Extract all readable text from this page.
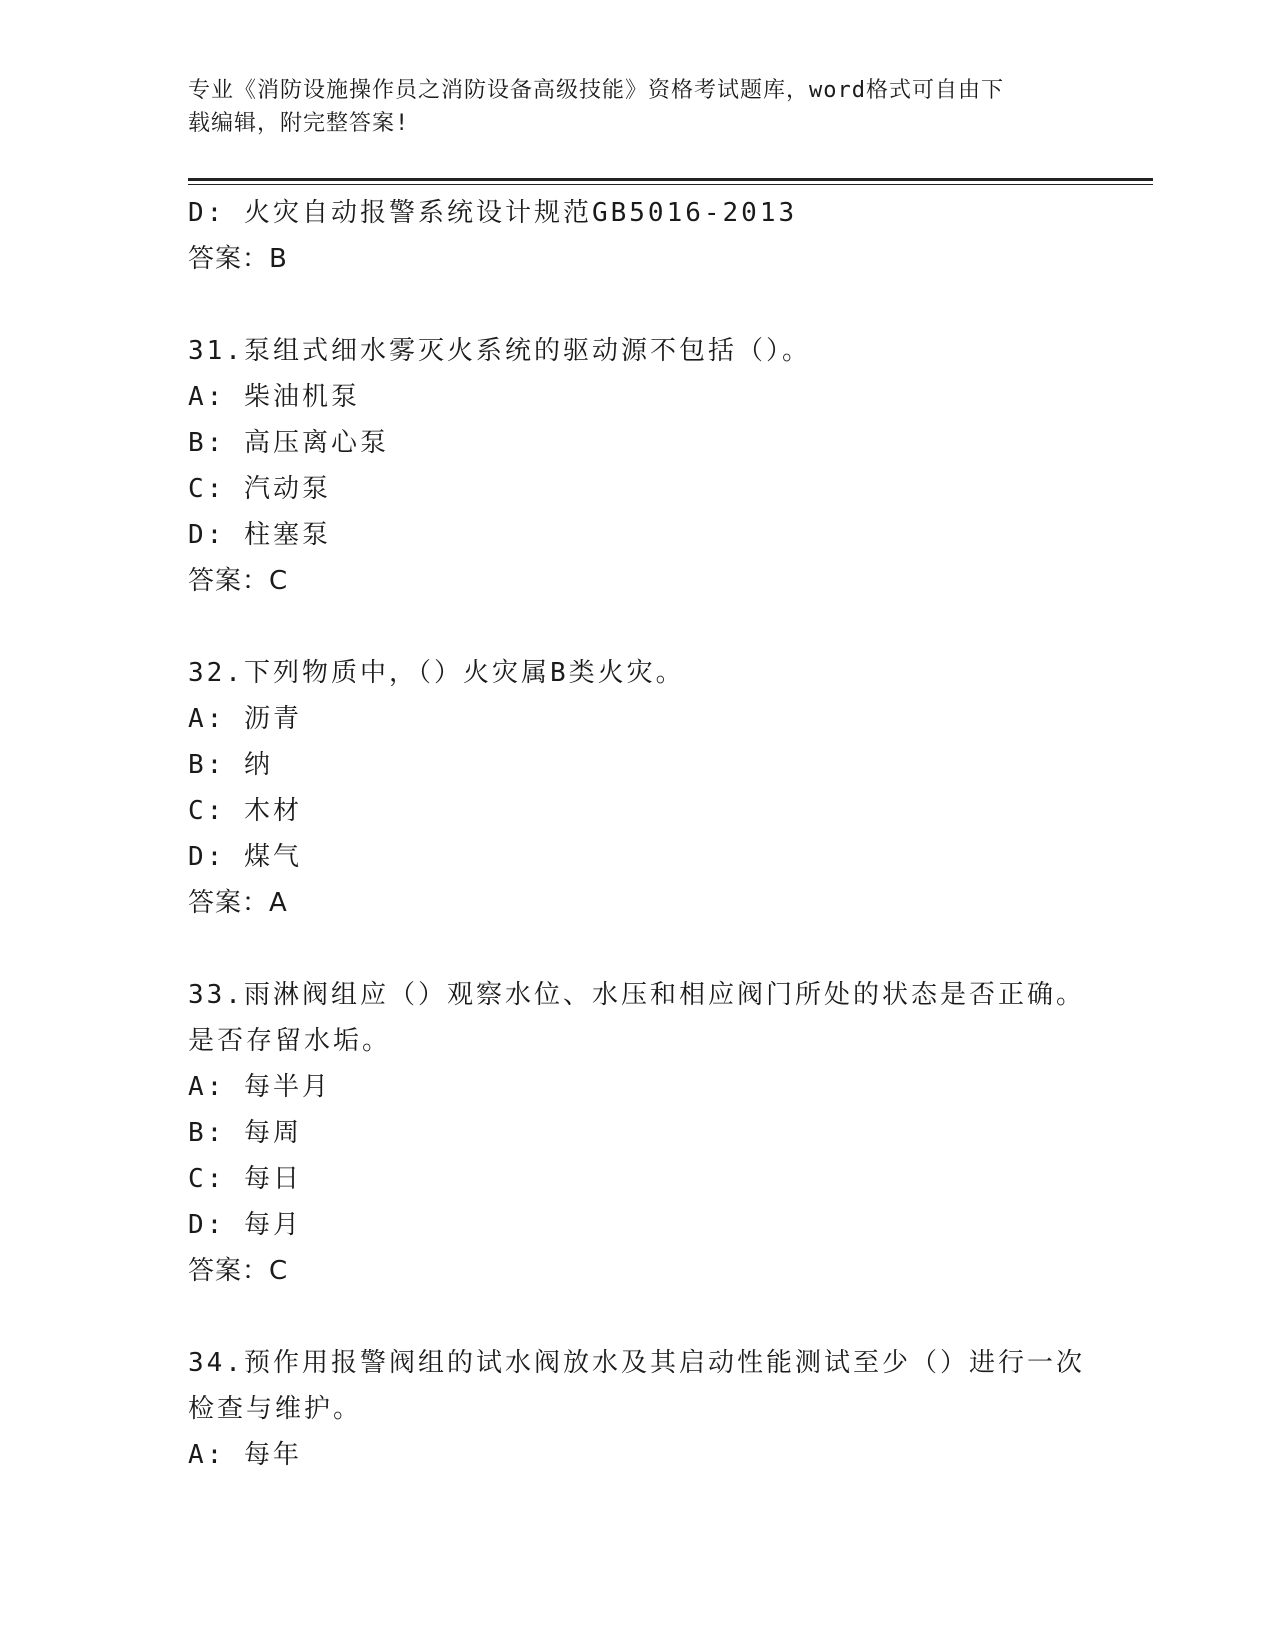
专业《消防设施操作员之消防设备高级技能》资格考试题库，word格式可自由下
载编辑，附完整答案!
D: 火灾自动报警系统设计规范GB5016-2013
答案：B
31.泵组式细水雾灭火系统的驱动源不包括（）。
A: 柴油机泵
B: 高压离心泵
C: 汽动泵
D: 柱塞泵
答案：C
32.下列物质中，（）火灾属B类火灾。
A: 沥青
B: 纳
C: 木材
D: 煤气
答案：A
33.雨淋阀组应（）观察水位、水压和相应阀门所处的状态是否正确。
是否存留水垢。
A: 每半月
B: 每周
C: 每日
D: 每月
答案：C
34.预作用报警阀组的试水阀放水及其启动性能测试至少（）进行一次
检查与维护。
A: 每年
